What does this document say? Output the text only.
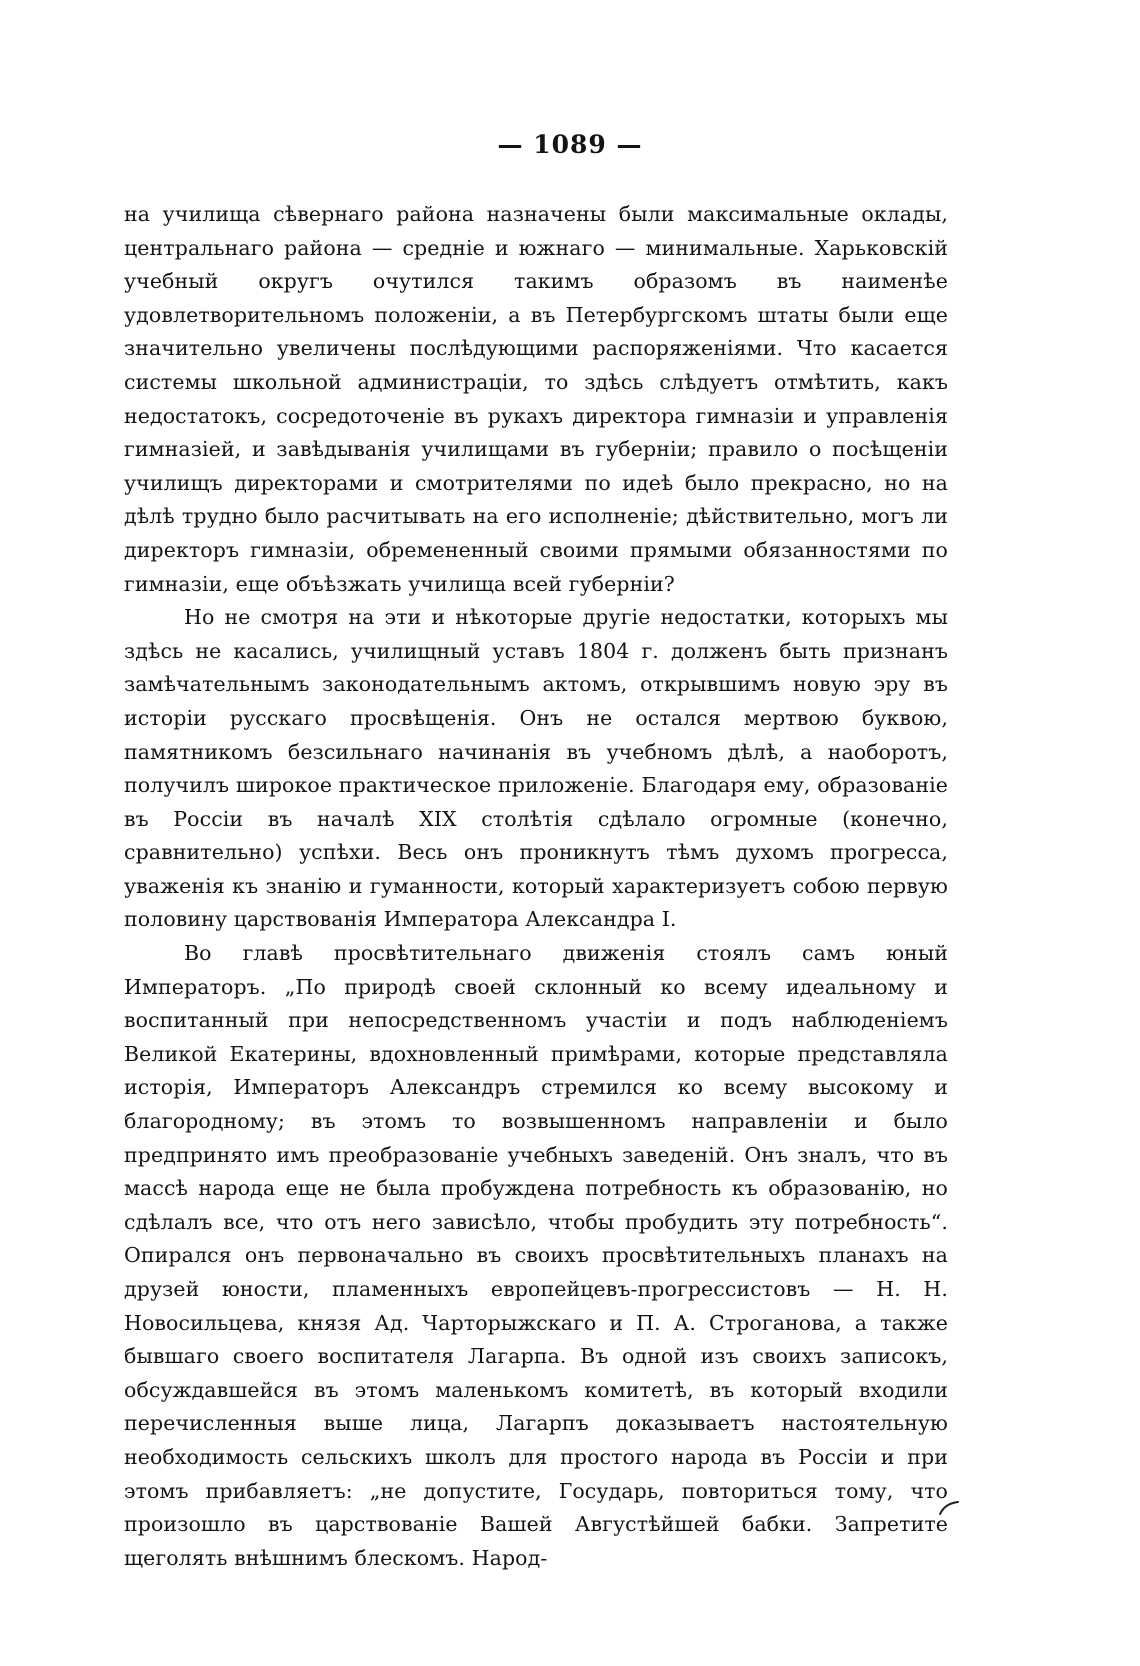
— 1089 —

на училища сѣвернаго района назначены были максимальные оклады, центральнаго района — средніе и южнаго — минимальные. Харьковскій учебный округъ очутился такимъ образомъ въ наименѣе удовлетворительномъ положеніи, а въ Петербургскомъ штаты были еще значительно увеличены послѣдующими распоряженіями. Что касается системы школьной администраціи, то здѣсь слѣдуетъ отмѣтить, какъ недостатокъ, сосредоточеніе въ рукахъ директора гимназіи и управленія гимназіей, и завѣдыванія училищами въ губерніи; правило о посѣщеніи училищъ директорами и смотрителями по идеѣ было прекрасно, но на дѣлѣ трудно было расчитывать на его исполненіе; дѣйствительно, могъ ли директоръ гимназіи, обремененный своими прямыми обязанностями по гимназіи, еще объѣзжать училища всей губерніи?

Но не смотря на эти и нѣкоторые другіе недостатки, которыхъ мы здѣсь не касались, училищный уставъ 1804 г. долженъ быть признанъ замѣчательнымъ законодательнымъ актомъ, открывшимъ новую эру въ исторіи русскаго просвѣщенія. Онъ не остался мертвою буквою, памятникомъ безсильнаго начинанія въ учебномъ дѣлѣ, а наоборотъ, получилъ широкое практическое приложеніе. Благодаря ему, образованіе въ Россіи въ началѣ XIX столѣтія сдѣлало огромные (конечно, сравнительно) успѣхи. Весь онъ проникнутъ тѣмъ духомъ прогресса, уваженія къ знанію и гуманности, который характеризуетъ собою первую половину царствованія Императора Александра I.

Во главѣ просвѣтительнаго движенія стоялъ самъ юный Императоръ. „По природѣ своей склонный ко всему идеальному и воспитанный при непосредственномъ участіи и подъ наблюденіемъ Великой Екатерины, вдохновленный примѣрами, которые представляла исторія, Императоръ Александръ стремился ко всему высокому и благородному; въ этомъ то возвышенномъ направленіи и было предпринято имъ преобразованіе учебныхъ заведеній. Онъ зналъ, что въ массѣ народа еще не была пробуждена потребность къ образованію, но сдѣлалъ все, что отъ него зависѣло, чтобы пробудить эту потребность“. Опирался онъ первоначально въ своихъ просвѣтительныхъ планахъ на друзей юности, пламенныхъ европейцевъ-прогрессистовъ — Н. Н. Новосильцева, князя Ад. Чарторыжскаго и П. А. Строганова, а также бывшаго своего воспитателя Лагарпа. Въ одной изъ своихъ записокъ, обсуждавшейся въ этомъ маленькомъ комитетѣ, въ который входили перечисленныя выше лица, Лагарпъ доказываетъ настоятельную необходимость сельскихъ школъ для простого народа въ Россіи и при этомъ прибавляетъ: „не допустите, Государь, повториться тому, что произошло въ царствованіе Вашей Августѣйшей бабки. Запретите щеголять внѣшнимъ блескомъ. Народ-
